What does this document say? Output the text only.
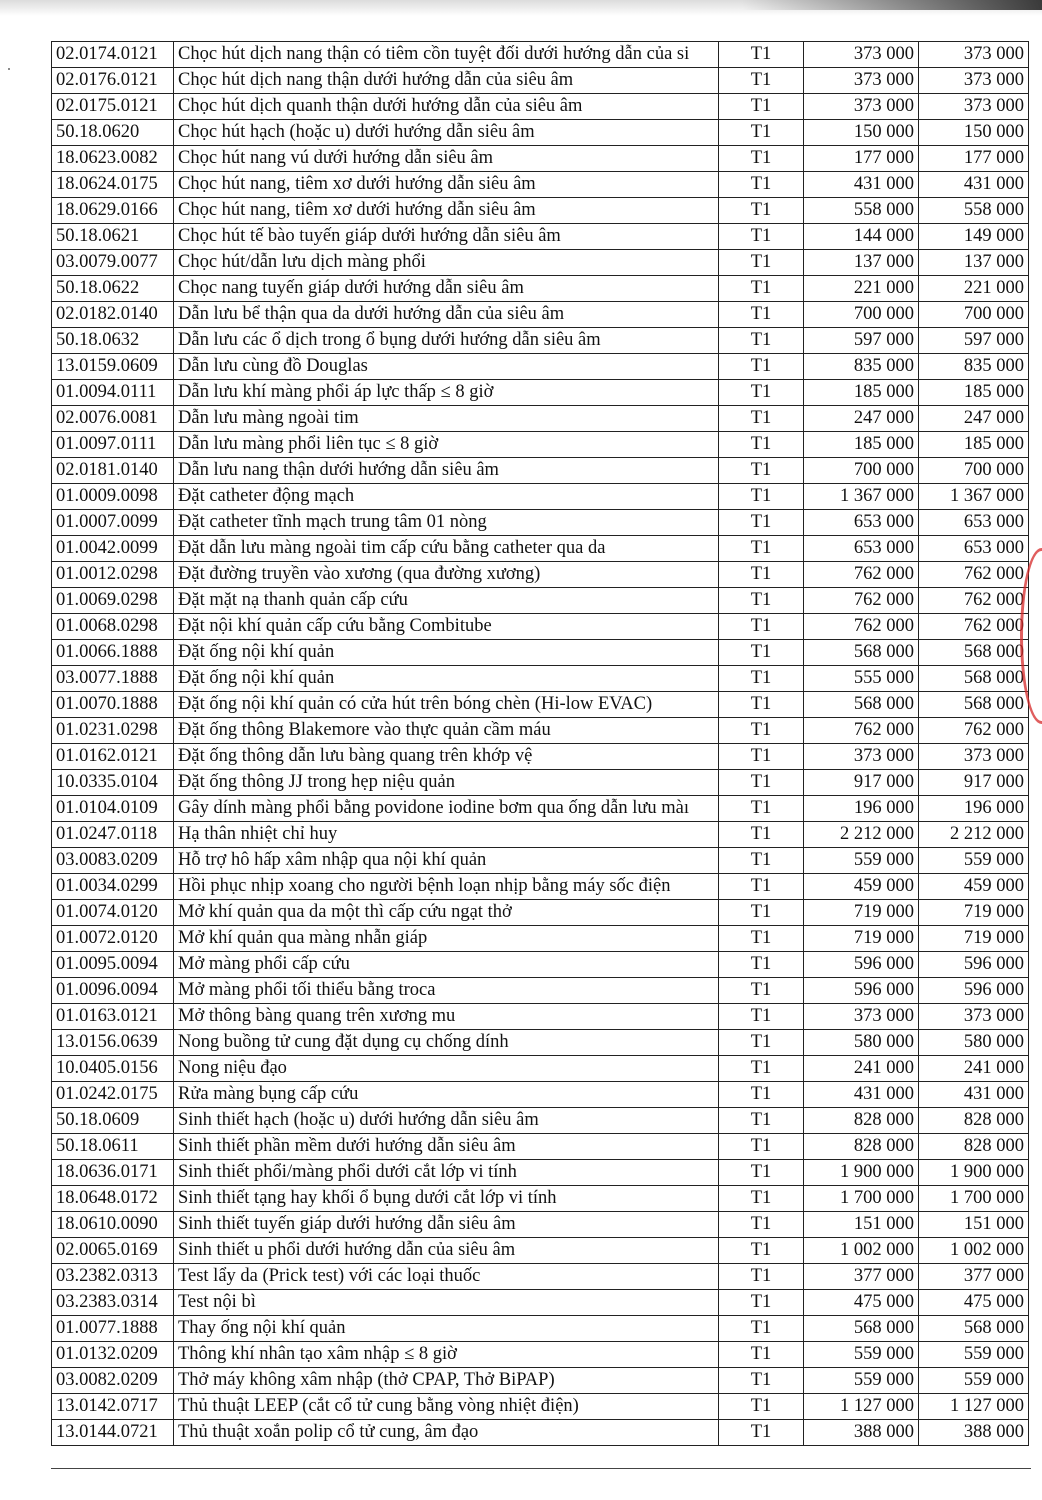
02.0174.0121	Chọc hút dịch nang thận có tiêm cồn tuyệt đối dưới hướng dẫn của si	T1	373 000	373 000
02.0176.0121	Chọc hút dịch nang thận dưới hướng dẫn của siêu âm	T1	373 000	373 000
02.0175.0121	Chọc hút dịch quanh thận dưới hướng dẫn của siêu âm	T1	373 000	373 000
50.18.0620	Chọc hút hạch (hoặc u) dưới hướng dẫn siêu âm	T1	150 000	150 000
18.0623.0082	Chọc hút nang vú dưới hướng dẫn siêu âm	T1	177 000	177 000
18.0624.0175	Chọc hút nang, tiêm xơ dưới hướng dẫn siêu âm	T1	431 000	431 000
18.0629.0166	Chọc hút nang, tiêm xơ dưới hướng dẫn siêu âm	T1	558 000	558 000
50.18.0621	Chọc hút tế bào tuyến giáp dưới hướng dẫn siêu âm	T1	144 000	149 000
03.0079.0077	Chọc hút/dẫn lưu dịch màng phổi	T1	137 000	137 000
50.18.0622	Chọc nang tuyến giáp dưới hướng dẫn siêu âm	T1	221 000	221 000
02.0182.0140	Dẫn lưu bể thận qua da dưới hướng dẫn của siêu âm	T1	700 000	700 000
50.18.0632	Dẫn lưu các ổ dịch trong ổ bụng dưới hướng dẫn siêu âm	T1	597 000	597 000
13.0159.0609	Dẫn lưu cùng đồ Douglas	T1	835 000	835 000
01.0094.0111	Dẫn lưu khí màng phổi áp lực thấp ≤ 8 giờ	T1	185 000	185 000
02.0076.0081	Dẫn lưu màng ngoài tim	T1	247 000	247 000
01.0097.0111	Dẫn lưu màng phổi liên tục ≤ 8 giờ	T1	185 000	185 000
02.0181.0140	Dẫn lưu nang thận dưới hướng dẫn siêu âm	T1	700 000	700 000
01.0009.0098	Đặt catheter động mạch	T1	1 367 000	1 367 000
01.0007.0099	Đặt catheter tĩnh mạch trung tâm 01 nòng	T1	653 000	653 000
01.0042.0099	Đặt dẫn lưu màng ngoài tim cấp cứu bằng catheter qua da	T1	653 000	653 000
01.0012.0298	Đặt đường truyền vào xương (qua đường xương)	T1	762 000	762 000
01.0069.0298	Đặt mặt nạ thanh quản cấp cứu	T1	762 000	762 000
01.0068.0298	Đặt nội khí quản cấp cứu bằng Combitube	T1	762 000	762 000
01.0066.1888	Đặt ống nội khí quản	T1	568 000	568 000
03.0077.1888	Đặt ống nội khí quản	T1	555 000	568 000
01.0070.1888	Đặt ống nội khí quản có cửa hút trên bóng chèn (Hi-low EVAC)	T1	568 000	568 000
01.0231.0298	Đặt ống thông Blakemore vào thực quản cầm máu	T1	762 000	762 000
01.0162.0121	Đặt ống thông dẫn lưu bàng quang trên khớp vệ	T1	373 000	373 000
10.0335.0104	Đặt ống thông JJ trong hẹp niệu quản	T1	917 000	917 000
01.0104.0109	Gây dính màng phổi bằng povidone iodine bơm qua ống dẫn lưu màı	T1	196 000	196 000
01.0247.0118	Hạ thân nhiệt chỉ huy	T1	2 212 000	2 212 000
03.0083.0209	Hỗ trợ hô hấp xâm nhập qua nội khí quản	T1	559 000	559 000
01.0034.0299	Hồi phục nhịp xoang cho người bệnh loạn nhịp bằng máy sốc điện	T1	459 000	459 000
01.0074.0120	Mở khí quản qua da một thì cấp cứu ngạt thở	T1	719 000	719 000
01.0072.0120	Mở khí quản qua màng nhẫn giáp	T1	719 000	719 000
01.0095.0094	Mở màng phổi cấp cứu	T1	596 000	596 000
01.0096.0094	Mở màng phổi tối thiểu bằng troca	T1	596 000	596 000
01.0163.0121	Mở thông bàng quang trên xương mu	T1	373 000	373 000
13.0156.0639	Nong buồng tử cung đặt dụng cụ chống dính	T1	580 000	580 000
10.0405.0156	Nong niệu đạo	T1	241 000	241 000
01.0242.0175	Rửa màng bụng cấp cứu	T1	431 000	431 000
50.18.0609	Sinh thiết hạch (hoặc u) dưới hướng dẫn siêu âm	T1	828 000	828 000
50.18.0611	Sinh thiết phần mềm dưới hướng dẫn siêu âm	T1	828 000	828 000
18.0636.0171	Sinh thiết phổi/màng phổi dưới cắt lớp vi tính	T1	1 900 000	1 900 000
18.0648.0172	Sinh thiết tạng hay khối ổ bụng dưới cắt lớp vi tính	T1	1 700 000	1 700 000
18.0610.0090	Sinh thiết tuyến giáp dưới hướng dẫn siêu âm	T1	151 000	151 000
02.0065.0169	Sinh thiết u phổi dưới hướng dẫn của siêu âm	T1	1 002 000	1 002 000
03.2382.0313	Test lẩy da (Prick test) với các loại thuốc	T1	377 000	377 000
03.2383.0314	Test nội bì	T1	475 000	475 000
01.0077.1888	Thay ống nội khí quản	T1	568 000	568 000
01.0132.0209	Thông khí nhân tạo xâm nhập ≤ 8 giờ	T1	559 000	559 000
03.0082.0209	Thở máy không xâm nhập (thở CPAP, Thở BiPAP)	T1	559 000	559 000
13.0142.0717	Thủ thuật LEEP (cắt cổ tử cung bằng vòng nhiệt điện)	T1	1 127 000	1 127 000
13.0144.0721	Thủ thuật xoắn polip cổ tử cung, âm đạo	T1	388 000	388 000
